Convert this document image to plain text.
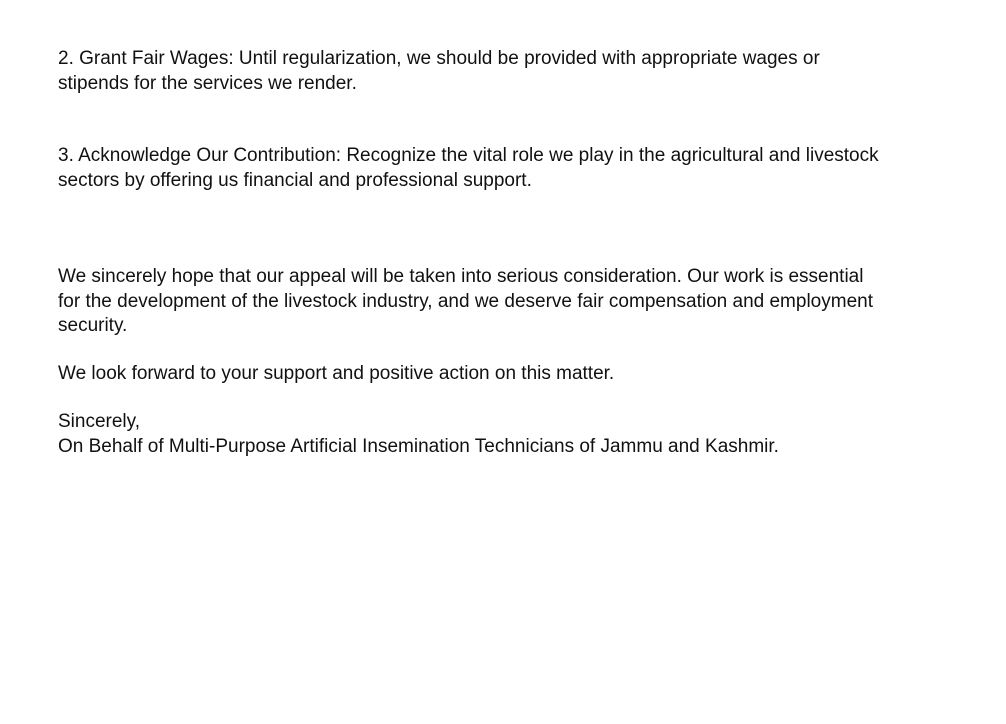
2. Grant Fair Wages: Until regularization, we should be provided with appropriate wages or
stipends for the services we render.

3. Acknowledge Our Contribution: Recognize the vital role we play in the agricultural and livestock
sectors by offering us financial and professional support.

We sincerely hope that our appeal will be taken into serious consideration. Our work is essential
for the development of the livestock industry, and we deserve fair compensation and employment
security.

We look forward to your support and positive action on this matter.

Sincerely,
On Behalf of Multi-Purpose Artificial Insemination Technicians of Jammu and Kashmir.
